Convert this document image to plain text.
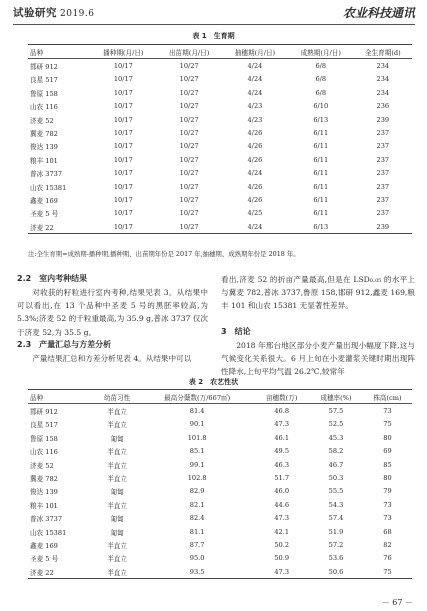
试验研究 2019.6	农业科技通讯
表 1　生育期
品种	播种期(月/日)	出苗期(月/日)	抽穗期(月/日)	成熟期(月/日)	全生育期(d)
邯研 912	10/17	10/27	4/24	6/8	234
良星 517	10/17	10/27	4/24	6/8	234
鲁原 158	10/17	10/27	4/24	6/8	234
山农 116	10/17	10/27	4/23	6/10	236
济麦 52	10/17	10/27	4/23	6/13	239
冀麦 782	10/17	10/27	4/26	6/11	237
俊达 139	10/17	10/27	4/26	6/11	237
粮丰 101	10/17	10/27	4/26	6/11	237
普冰 3737	10/17	10/27	4/24	6/11	237
山农 15381	10/17	10/27	4/26	6/11	237
鑫麦 169	10/17	10/27	4/26	6/11	237
圣麦 5 号	10/17	10/27	4/25	6/11	237
济麦 22	10/17	10/27	4/24	6/13	239
注:全生育期=成熟期-播种期,播种期、出苗期年份是 2017 年,抽穗期、成熟期年份是 2018 年。
2.2　室内考种结果

对收获的籽粒进行室内考种,结果见表 3。从结果中可以看出,在 13 个品种中圣麦 5 号的黑胚率较高,为 5.3%;济麦 52 的千粒重最高,为 35.9 g,普冰 3737 仅次于济麦 52,为 35.5 g。

2.3　产量汇总与方差分析

产量结果汇总和方差分析见表 4。从结果中可以

看出,济麦 52 的折亩产量最高,但是在 LSD₀.₀₅ 的水平上与冀麦 782,普冰 3737,鲁原 158,邯研 912,鑫麦 169,粮丰 101 和山农 15381 无显著性差异。

3　结论

2018 年邢台地区部分小麦产量出现小幅度下降,这与气候变化关系很大。6 月上旬在小麦灌浆关键时期出现阵性降水,上旬平均气温 26.2℃,较常年

表 2　农艺性状
品种	幼苗习性	最高分蘖数(万/667㎡)	亩穗数(万)	成穗率(%)	株高(cm)
邯研 912	半直立	81.4	46.8	57.5	73
良星 517	半直立	90.1	47.3	52.5	75
鲁原 158	匍匐	101.8	46.1	45.3	80
山农 116	半直立	85.1	49.5	58.2	69
济麦 52	半直立	99.1	46.3	46.7	85
冀麦 782	半直立	102.8	51.7	50.3	80
俊达 139	匍匐	82.9	46.0	55.5	79
粮丰 101	半直立	82.1	44.6	54.3	73
普冰 3737	匍匐	82.4	47.3	57.4	73
山农 15381	匍匐	81.1	42.1	51.9	68
鑫麦 169	半直立	87.7	50.2	57.2	82
圣麦 5 号	半直立	95.0	50.9	53.6	76
济麦 22	半直立	93.5	47.3	50.6	75
－ 67 －
